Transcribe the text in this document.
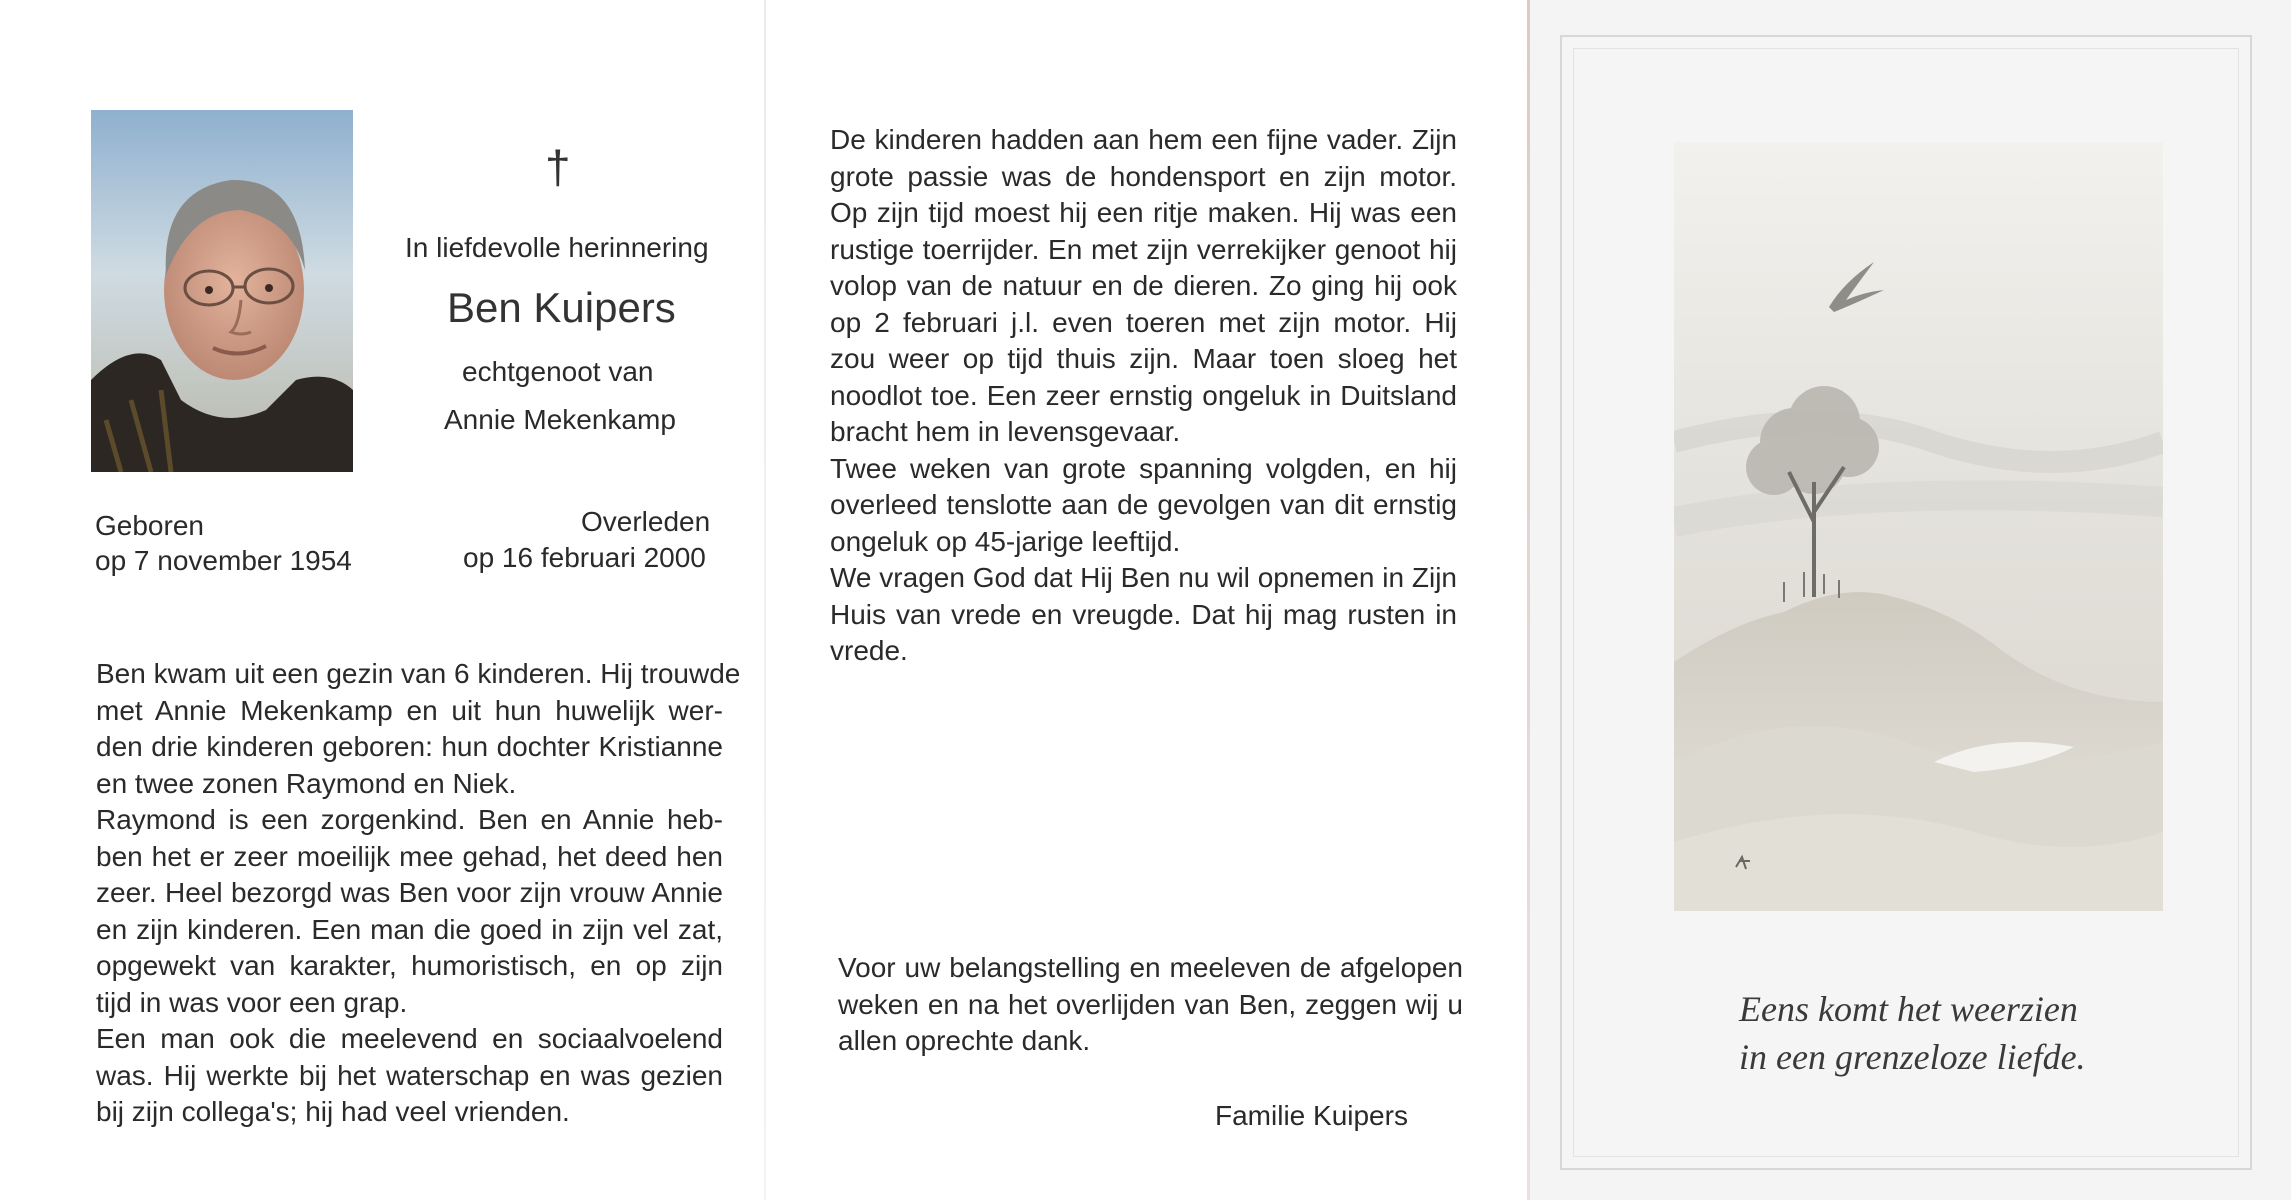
†
In liefdevolle herinnering
Ben Kuipers
echtgenoot van
Annie Mekenkamp
Geboren
op 7 november 1954
Overleden
op 16 februari 2000
Ben kwam uit een gezin van 6 kinderen. Hij trouwde
met Annie Mekenkamp en uit hun huwelijk wer-
den drie kinderen geboren: hun dochter Kristianne
en twee zonen Raymond en Niek.
Raymond is een zorgenkind. Ben en Annie heb-
ben het er zeer moeilijk mee gehad, het deed hen
zeer. Heel bezorgd was Ben voor zijn vrouw Annie
en zijn kinderen. Een man die goed in zijn vel zat,
opgewekt van karakter, humoristisch, en op zijn
tijd in was voor een grap.
Een man ook die meelevend en sociaalvoelend
was. Hij werkte bij het waterschap en was gezien
bij zijn collega's; hij had veel vrienden.
De kinderen hadden aan hem een fijne vader. Zijn
grote passie was de hondensport en zijn motor.
Op zijn tijd moest hij een ritje maken. Hij was een
rustige toerrijder. En met zijn verrekijker genoot hij
volop van de natuur en de dieren. Zo ging hij ook
op 2 februari j.l. even toeren met zijn motor. Hij
zou weer op tijd thuis zijn. Maar toen sloeg het
noodlot toe. Een zeer ernstig ongeluk in Duitsland
bracht hem in levensgevaar.
Twee weken van grote spanning volgden, en hij
overleed tenslotte aan de gevolgen van dit ernstig
ongeluk op 45-jarige leeftijd.
We vragen God dat Hij Ben nu wil opnemen in Zijn
Huis van vrede en vreugde. Dat hij mag rusten in
vrede.
Voor uw belangstelling en meeleven de afgelopen
weken en na het overlijden van Ben, zeggen wij u
allen oprechte dank.
Familie Kuipers
Eens komt het weerzien
in een grenzeloze liefde.
